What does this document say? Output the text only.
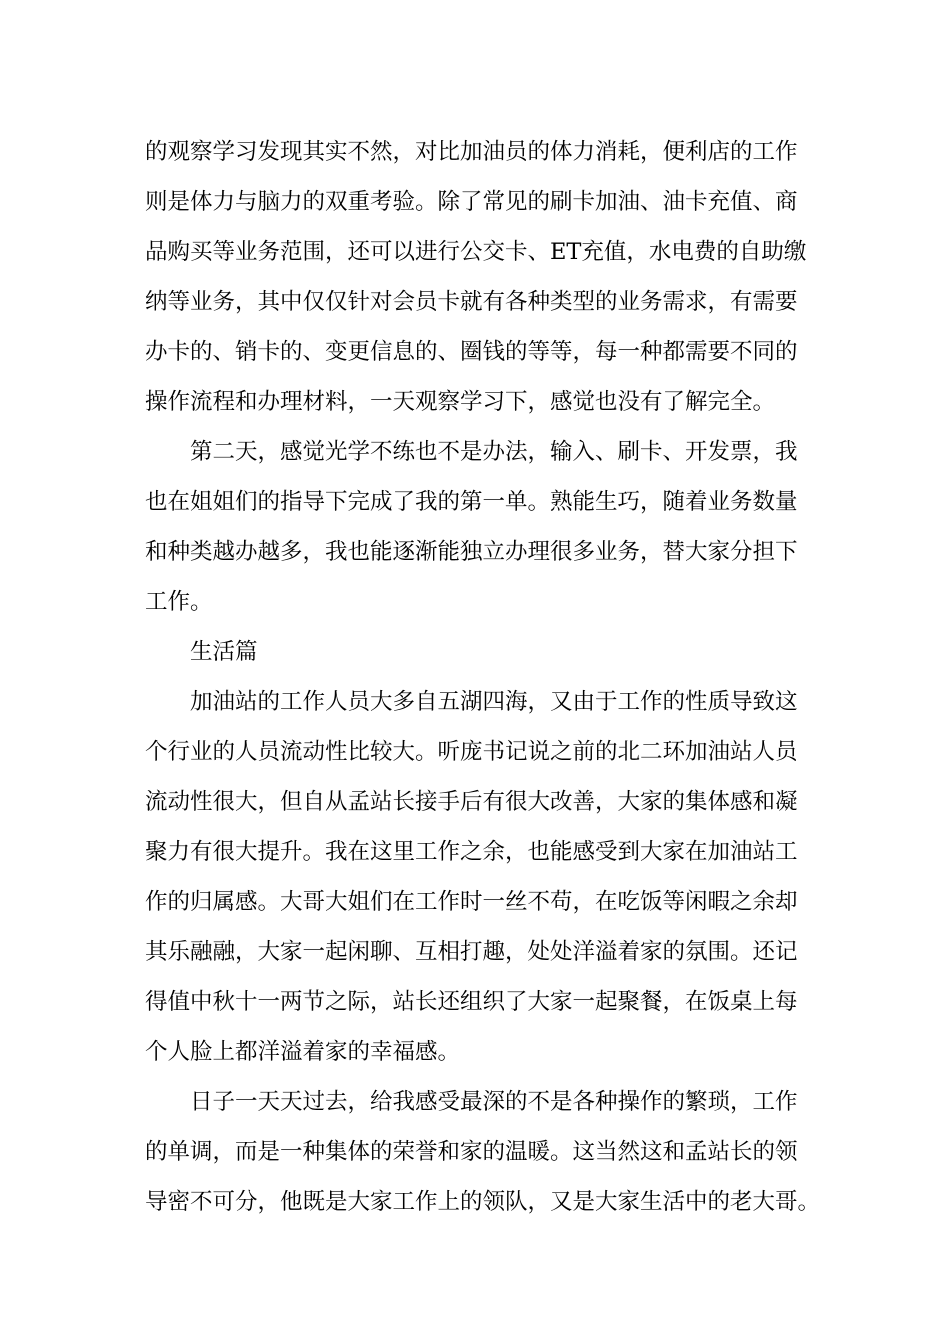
的观察学习发现其实不然，对比加油员的体力消耗，便利店的工作

则是体力与脑力的双重考验。除了常见的刷卡加油、油卡充值、商

品购买等业务范围，还可以进行公交卡、ET充值，水电费的自助缴

纳等业务，其中仅仅针对会员卡就有各种类型的业务需求，有需要

办卡的、销卡的、变更信息的、圈钱的等等，每一种都需要不同的

操作流程和办理材料，一天观察学习下，感觉也没有了解完全。

第二天，感觉光学不练也不是办法，输入、刷卡、开发票，我

也在姐姐们的指导下完成了我的第一单。熟能生巧，随着业务数量

和种类越办越多，我也能逐渐能独立办理很多业务，替大家分担下

工作。

生活篇

加油站的工作人员大多自五湖四海，又由于工作的性质导致这

个行业的人员流动性比较大。听庞书记说之前的北二环加油站人员

流动性很大，但自从孟站长接手后有很大改善，大家的集体感和凝

聚力有很大提升。我在这里工作之余，也能感受到大家在加油站工

作的归属感。大哥大姐们在工作时一丝不苟，在吃饭等闲暇之余却

其乐融融，大家一起闲聊、互相打趣，处处洋溢着家的氛围。还记

得值中秋十一两节之际，站长还组织了大家一起聚餐，在饭桌上每

个人脸上都洋溢着家的幸福感。

日子一天天过去，给我感受最深的不是各种操作的繁琐，工作

的单调，而是一种集体的荣誉和家的温暖。这当然这和孟站长的领

导密不可分，他既是大家工作上的领队，又是大家生活中的老大哥。
